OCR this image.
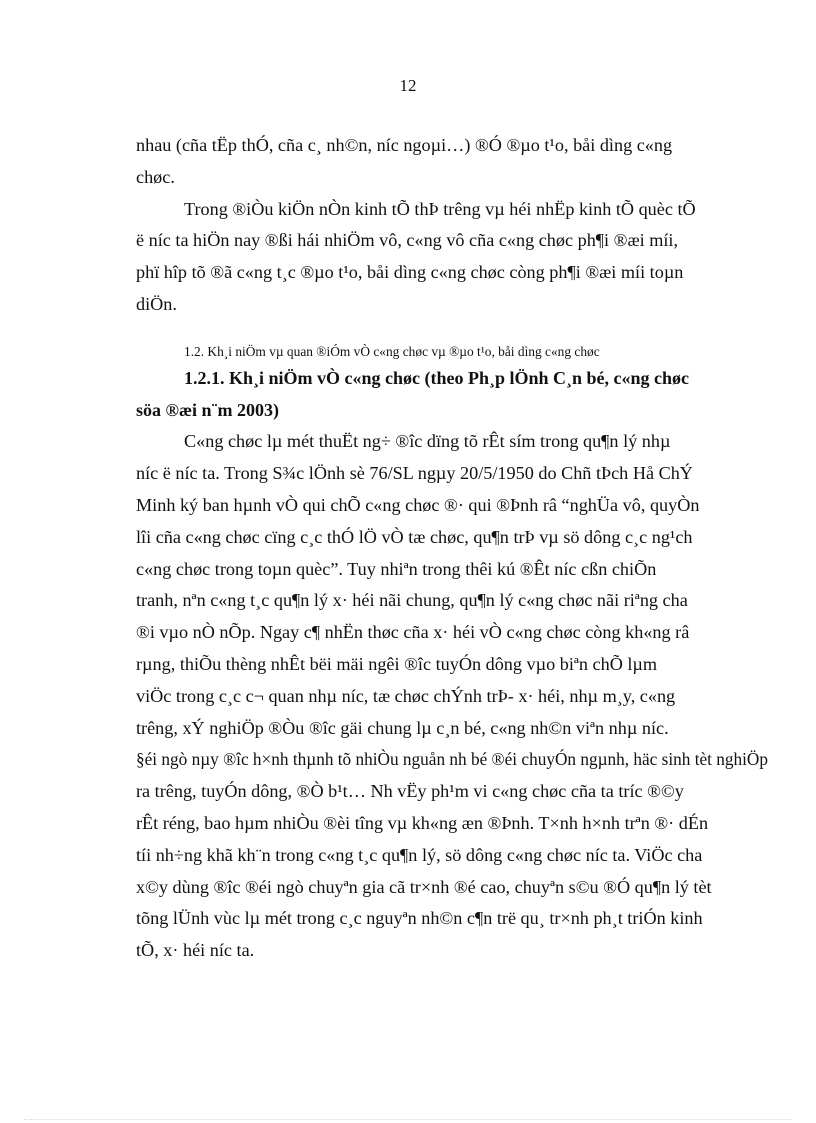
12

nhau (cña tËp thÓ, cña c¸ nh©n, níc ngoµi…) ®Ó ®µo t¹o, båi dìng c«ng
chøc.

Trong ®iÒu kiÖn nÒn kinh tÕ thÞ trêng vµ héi nhËp kinh tÕ quèc tÕ
ë níc ta hiÖn nay ®ßi hái nhiÖm vô, c«ng vô cña c«ng chøc ph¶i ®æi míi,
phï hîp tõ ®ã c«ng t¸c ®µo t¹o, båi dìng c«ng chøc còng ph¶i ®æi míi toµn
diÖn.

1.2. Kh¸i niÖm vµ quan ®iÓm vÒ c«ng chøc vµ ®µo t¹o, båi dìng c«ng chøc
1.2.1. Kh¸i niÖm vÒ c«ng chøc (theo Ph¸p lÖnh C¸n bé, c«ng chøc
söa ®æi n¨m 2003)

C«ng chøc lµ mét thuËt ng÷ ®îc dïng tõ rÊt sím trong qu¶n lý nhµ
níc ë níc ta. Trong S¾c lÖnh sè 76/SL ngµy 20/5/1950 do Chñ tÞch Hå ChÝ
Minh ký ban hµnh vÒ qui chÕ c«ng chøc ®· qui ®Þnh râ “nghÜa vô, quyÒn
lîi cña c«ng chøc cïng c¸c thÓ lÖ vÒ tæ chøc, qu¶n trÞ vµ sö dông c¸c ng¹ch
c«ng chøc trong toµn quèc”. Tuy nhiªn trong thêi kú ®Êt níc cßn chiÕn
tranh, nªn c«ng t¸c qu¶n lý x· héi nãi chung, qu¶n lý c«ng chøc nãi riªng cha
®i vµo nÒ nÕp. Ngay c¶ nhËn thøc cña x· héi vÒ c«ng chøc còng kh«ng râ
rµng, thiÕu thèng nhÊt bëi mäi ngêi ®îc tuyÓn dông vµo biªn chÕ lµm
viÖc trong c¸c c¬ quan nhµ níc, tæ chøc chÝnh trÞ- x· héi, nhµ m¸y, c«ng
trêng, xÝ nghiÖp ®Òu ®îc gäi chung lµ c¸n bé, c«ng nh©n viªn nhµ níc.
§éi ngò nµy ®îc h×nh thµnh tõ nhiÒu nguån nh bé ®éi chuyÓn ngµnh, häc sinh tèt nghiÖp
ra trêng, tuyÓn dông, ®Ò b¹t… Nh vËy ph¹m vi c«ng chøc cña ta tríc ®©y
rÊt réng, bao hµm nhiÒu ®èi tîng vµ kh«ng æn ®Þnh. T×nh h×nh trªn ®· dÉn
tíi nh÷ng khã kh¨n trong c«ng t¸c qu¶n lý, sö dông c«ng chøc níc ta. ViÖc cha
x©y dùng ®îc ®éi ngò chuyªn gia cã tr×nh ®é cao, chuyªn s©u ®Ó qu¶n lý tèt
tõng lÜnh vùc lµ mét trong c¸c nguyªn nh©n c¶n trë qu¸ tr×nh ph¸t triÓn kinh
tÕ, x· héi níc ta.
